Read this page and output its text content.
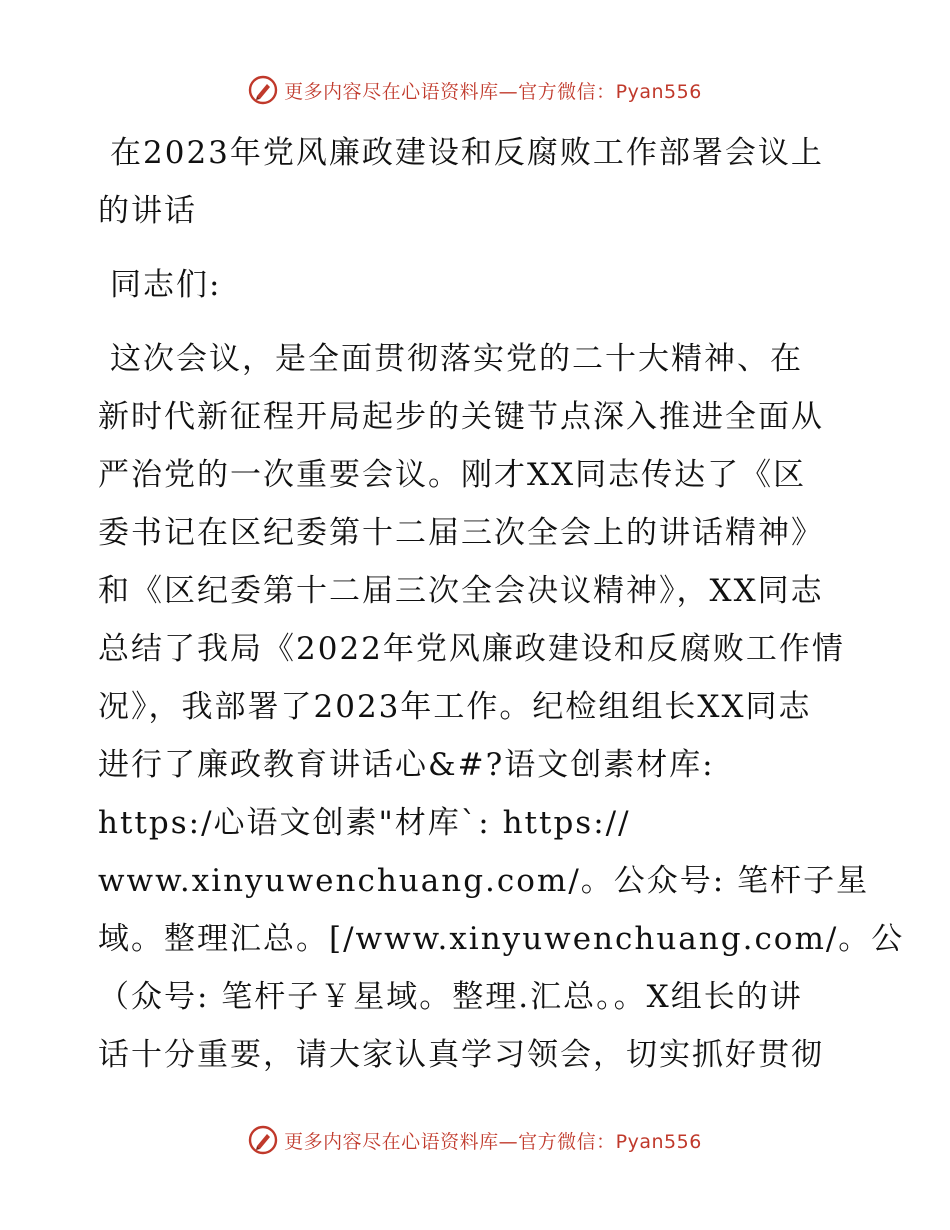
更多内容尽在心语资料库—官方微信：Pyan556
在2023年党风廉政建设和反腐败工作部署会议上
的讲话

同志们:

这次会议，是全面贯彻落实党的二十大精神、在
新时代新征程开局起步的关键节点深入推进全面从
严治党的一次重要会议。刚才XX同志传达了《区
委书记在区纪委第十二届三次全会上的讲话精神》
和《区纪委第十二届三次全会决议精神》，XX同志
总结了我局《2022年党风廉政建设和反腐败工作情
况》，我部署了2023年工作。纪检组组长XX同志
进行了廉政教育讲话心&#?语文创素材库:
https:/心语文创素"材库`: https://
www.xinyuwenchuang.com/。公众号: 笔杆子星
域。整理汇总。[/www.xinyuwenchuang.com/。公
（众号: 笔杆子￥星域。整理.汇总。。X组长的讲
话十分重要，请大家认真学习领会，切实抓好贯彻

更多内容尽在心语资料库—官方微信：Pyan556
